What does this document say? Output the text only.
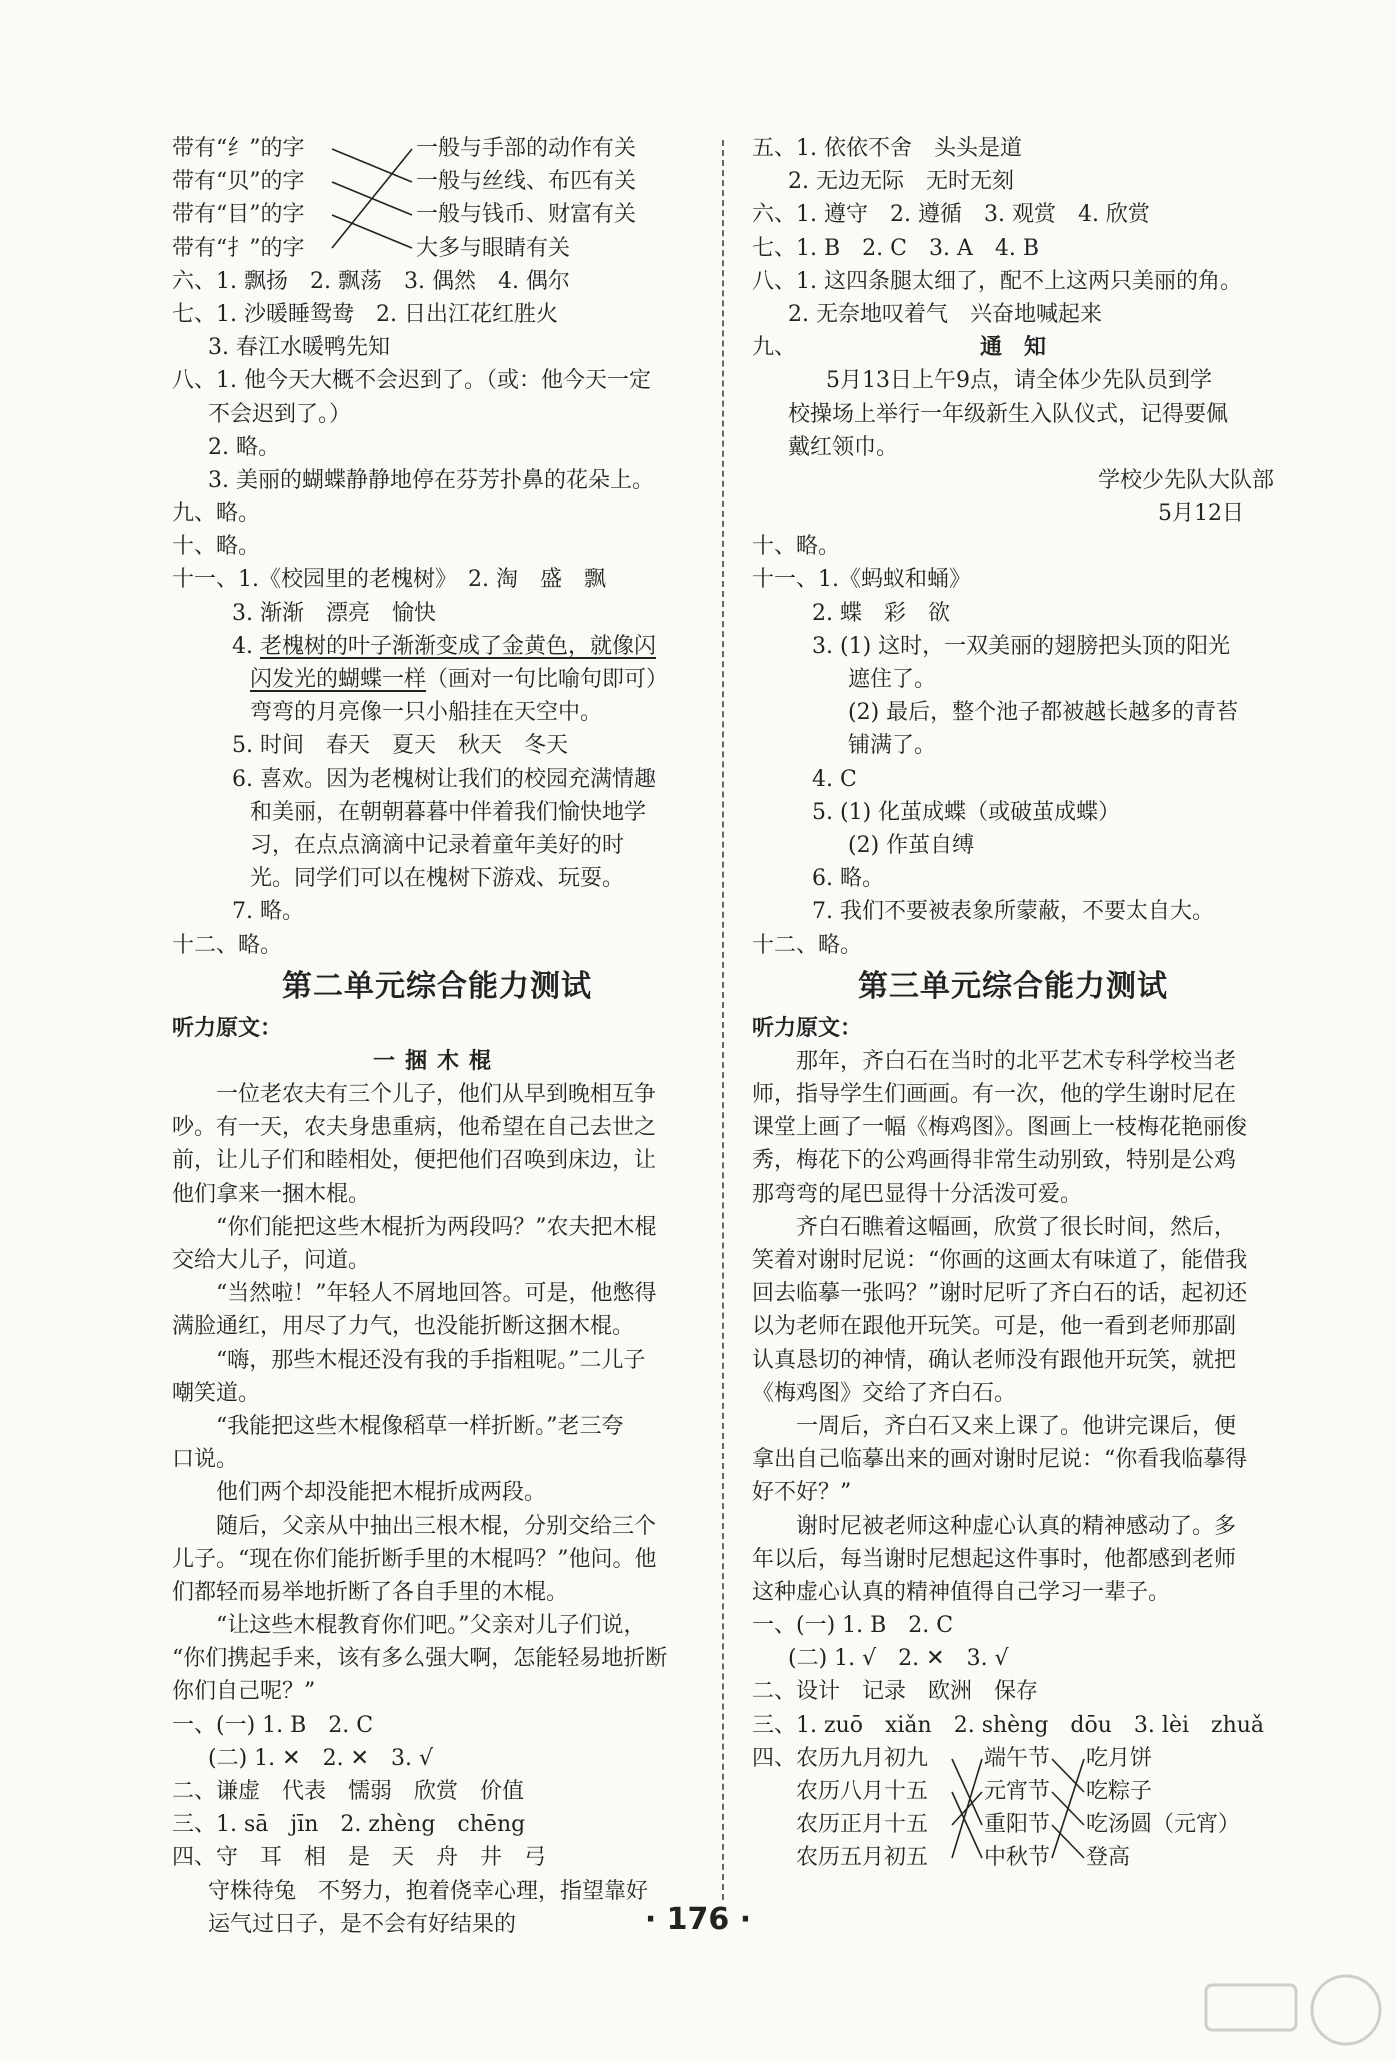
带有“纟”的字
带有“贝”的字
带有“目”的字
带有“扌”的字
一般与手部的动作有关
一般与丝线、布匹有关
一般与钱币、财富有关
大多与眼睛有关
六、1. 飘扬　2. 飘荡　3. 偶然　4. 偶尔
七、1. 沙暖睡鸳鸯　2. 日出江花红胜火
3. 春江水暖鸭先知
八、1. 他今天大概不会迟到了。（或：他今天一定
不会迟到了。）
2. 略。
3. 美丽的蝴蝶静静地停在芬芳扑鼻的花朵上。
九、略。
十、略。
十一、1.《校园里的老槐树》　2. 淘　盛　飘
3. 渐渐　漂亮　愉快
4. 老槐树的叶子渐渐变成了金黄色，就像闪
闪发光的蝴蝶一样（画对一句比喻句即可）
弯弯的月亮像一只小船挂在天空中。
5. 时间　春天　夏天　秋天　冬天
6. 喜欢。因为老槐树让我们的校园充满情趣
和美丽，在朝朝暮暮中伴着我们愉快地学
习，在点点滴滴中记录着童年美好的时
光。同学们可以在槐树下游戏、玩耍。
7. 略。
十二、略。
第二单元综合能力测试
听力原文：
一捆木棍
一位老农夫有三个儿子，他们从早到晚相互争
吵。有一天，农夫身患重病，他希望在自己去世之
前，让儿子们和睦相处，便把他们召唤到床边，让
他们拿来一捆木棍。
“你们能把这些木棍折为两段吗？”农夫把木棍
交给大儿子，问道。
“当然啦！”年轻人不屑地回答。可是，他憋得
满脸通红，用尽了力气，也没能折断这捆木棍。
“嗨，那些木棍还没有我的手指粗呢。”二儿子
嘲笑道。
“我能把这些木棍像稻草一样折断。”老三夸
口说。
他们两个却没能把木棍折成两段。
随后，父亲从中抽出三根木棍，分别交给三个
儿子。“现在你们能折断手里的木棍吗？”他问。他
们都轻而易举地折断了各自手里的木棍。
“让这些木棍教育你们吧。”父亲对儿子们说，
“你们携起手来，该有多么强大啊，怎能轻易地折断
你们自己呢？”
一、(一) 1. B　2. C
(二) 1. ✕　2. ✕　3. √
二、谦虚　代表　懦弱　欣赏　价值
三、1. sā　jīn　2. zhèng　chēng
四、守　耳　相　是　天　舟　井　弓
守株待兔　不努力，抱着侥幸心理，指望靠好
运气过日子，是不会有好结果的
五、1. 依依不舍　头头是道
2. 无边无际　无时无刻
六、1. 遵守　2. 遵循　3. 观赏　4. 欣赏
七、1. B　2. C　3. A　4. B
八、1. 这四条腿太细了，配不上这两只美丽的角。
2. 无奈地叹着气　兴奋地喊起来
九、	通　知
5月13日上午9点，请全体少先队员到学
校操场上举行一年级新生入队仪式，记得要佩
戴红领巾。
学校少先队大队部
5月12日
十、略。
十一、1.《蚂蚁和蛹》
2. 蝶　彩　欲
3. (1) 这时，一双美丽的翅膀把头顶的阳光
遮住了。
(2) 最后，整个池子都被越长越多的青苔
铺满了。
4. C
5. (1) 化茧成蝶（或破茧成蝶）
(2) 作茧自缚
6. 略。
7. 我们不要被表象所蒙蔽，不要太自大。
十二、略。
第三单元综合能力测试
听力原文：
那年，齐白石在当时的北平艺术专科学校当老
师，指导学生们画画。有一次，他的学生谢时尼在
课堂上画了一幅《梅鸡图》。图画上一枝梅花艳丽俊
秀，梅花下的公鸡画得非常生动别致，特别是公鸡
那弯弯的尾巴显得十分活泼可爱。
齐白石瞧着这幅画，欣赏了很长时间，然后，
笑着对谢时尼说：“你画的这画太有味道了，能借我
回去临摹一张吗？”谢时尼听了齐白石的话，起初还
以为老师在跟他开玩笑。可是，他一看到老师那副
认真恳切的神情，确认老师没有跟他开玩笑，就把
《梅鸡图》交给了齐白石。
一周后，齐白石又来上课了。他讲完课后，便
拿出自己临摹出来的画对谢时尼说：“你看我临摹得
好不好？”
谢时尼被老师这种虚心认真的精神感动了。多
年以后，每当谢时尼想起这件事时，他都感到老师
这种虚心认真的精神值得自己学习一辈子。
一、(一) 1. B　2. C
(二) 1. √　2. ✕　3. √
二、设计　记录　欧洲　保存
三、1. zuō　xiǎn　2. shèng　dōu　3. lèi　zhuǎ
四、 农历九月初九
农历八月十五
农历正月十五
农历五月初五
端午节
元宵节
重阳节
中秋节
吃月饼
吃粽子
吃汤圆（元宵）
登高
· 176 ·
